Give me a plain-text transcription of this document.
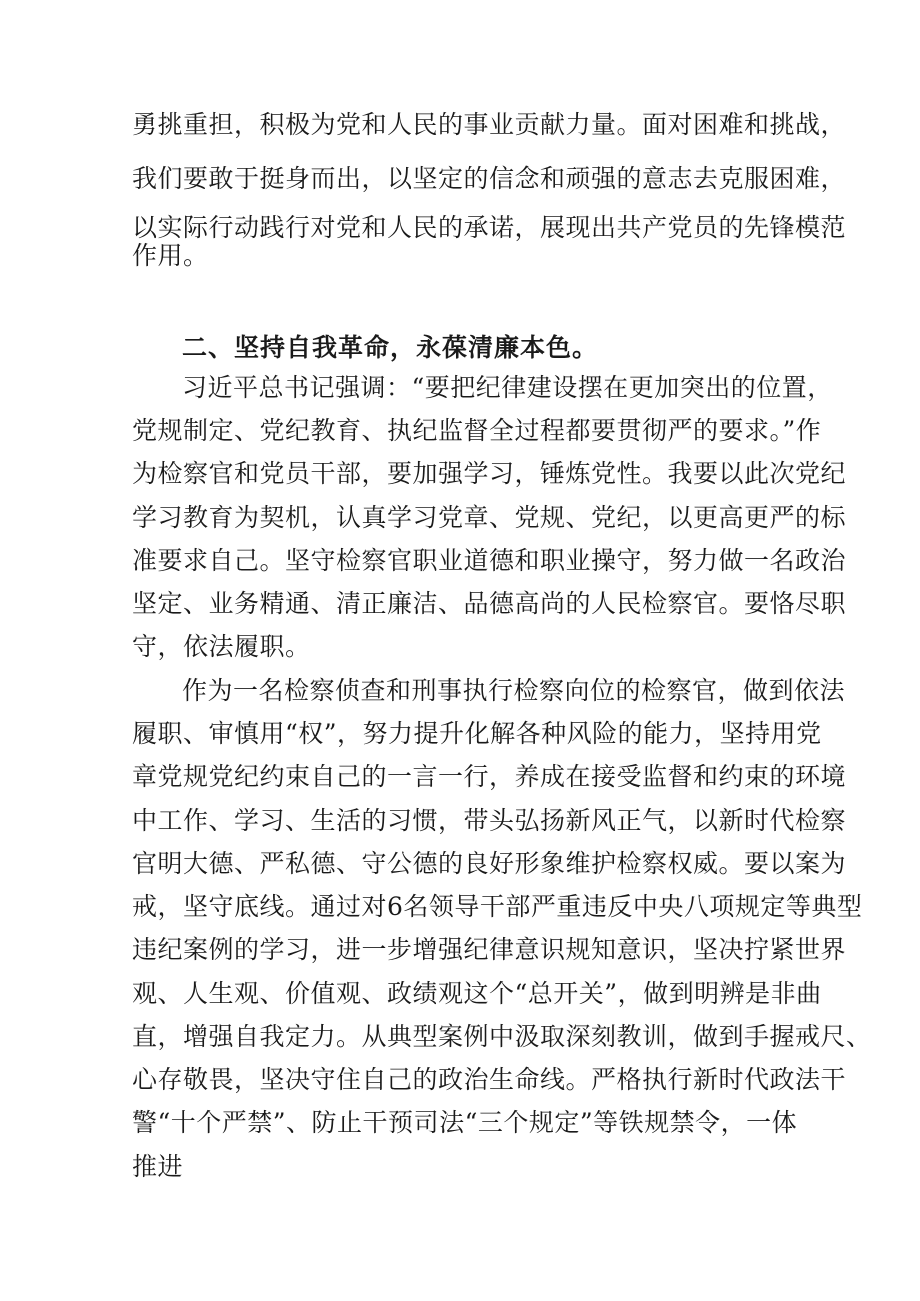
勇挑重担，积极为党和人民的事业贡献力量。面对困难和挑战，
我们要敢于挺身而出，以坚定的信念和顽强的意志去克服困难，
以实际行动践行对党和人民的承诺，展现出共产党员的先锋模范
作用。
二、坚持自我革命，永葆清廉本色。
习近平总书记强调：“要把纪律建设摆在更加突出的位置，
党规制定、党纪教育、执纪监督全过程都要贯彻严的要求。”作
为检察官和党员干部，要加强学习，锤炼党性。我要以此次党纪
学习教育为契机，认真学习党章、党规、党纪，以更高更严的标
准要求自己。坚守检察官职业道德和职业操守，努力做一名政治
坚定、业务精通、清正廉洁、品德高尚的人民检察官。要恪尽职
守，依法履职。
作为一名检察侦查和刑事执行检察向位的检察官，做到依法
履职、审慎用“权”，努力提升化解各种风险的能力，坚持用党
章党规党纪约束自己的一言一行，养成在接受监督和约束的环境
中工作、学习、生活的习惯，带头弘扬新风正气，以新时代检察
官明大德、严私德、守公德的良好形象维护检察权威。要以案为
戒，坚守底线。通过对6名领导干部严重违反中央八项规定等典型
违纪案例的学习，进一步增强纪律意识规知意识，坚决拧紧世界
观、人生观、价值观、政绩观这个“总开关”，做到明辨是非曲
直，增强自我定力。从典型案例中汲取深刻教训，做到手握戒尺、
心存敬畏，坚决守住自己的政治生命线。严格执行新时代政法干
警“十个严禁”、防止干预司法“三个规定”等铁规禁令，一体
推进
